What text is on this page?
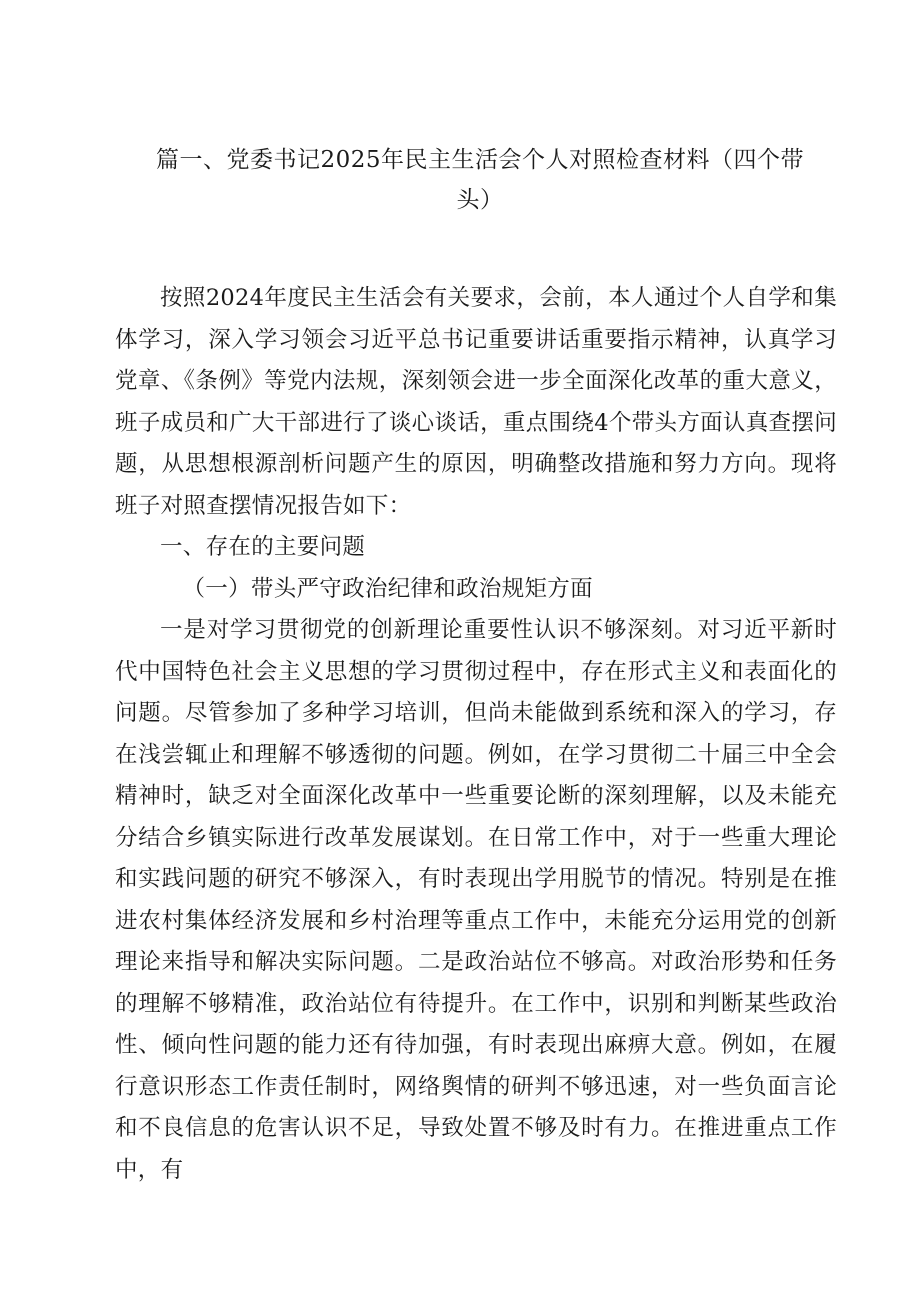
篇一、党委书记2025年民主生活会个人对照检查材料（四个带头）

按照2024年度民主生活会有关要求，会前，本人通过个人自学和集体学习，深入学习领会习近平总书记重要讲话重要指示精神，认真学习党章、《条例》等党内法规，深刻领会进一步全面深化改革的重大意义，班子成员和广大干部进行了谈心谈话，重点围绕4个带头方面认真查摆问题，从思想根源剖析问题产生的原因，明确整改措施和努力方向。现将班子对照查摆情况报告如下：

一、存在的主要问题

（一）带头严守政治纪律和政治规矩方面

一是对学习贯彻党的创新理论重要性认识不够深刻。对习近平新时代中国特色社会主义思想的学习贯彻过程中，存在形式主义和表面化的问题。尽管参加了多种学习培训，但尚未能做到系统和深入的学习，存在浅尝辄止和理解不够透彻的问题。例如，在学习贯彻二十届三中全会精神时，缺乏对全面深化改革中一些重要论断的深刻理解，以及未能充分结合乡镇实际进行改革发展谋划。在日常工作中，对于一些重大理论和实践问题的研究不够深入，有时表现出学用脱节的情况。特别是在推进农村集体经济发展和乡村治理等重点工作中，未能充分运用党的创新理论来指导和解决实际问题。二是政治站位不够高。对政治形势和任务的理解不够精准，政治站位有待提升。在工作中，识别和判断某些政治性、倾向性问题的能力还有待加强，有时表现出麻痹大意。例如，在履行意识形态工作责任制时，网络舆情的研判不够迅速，对一些负面言论和不良信息的危害认识不足，导致处置不够及时有力。在推进重点工作中，有
